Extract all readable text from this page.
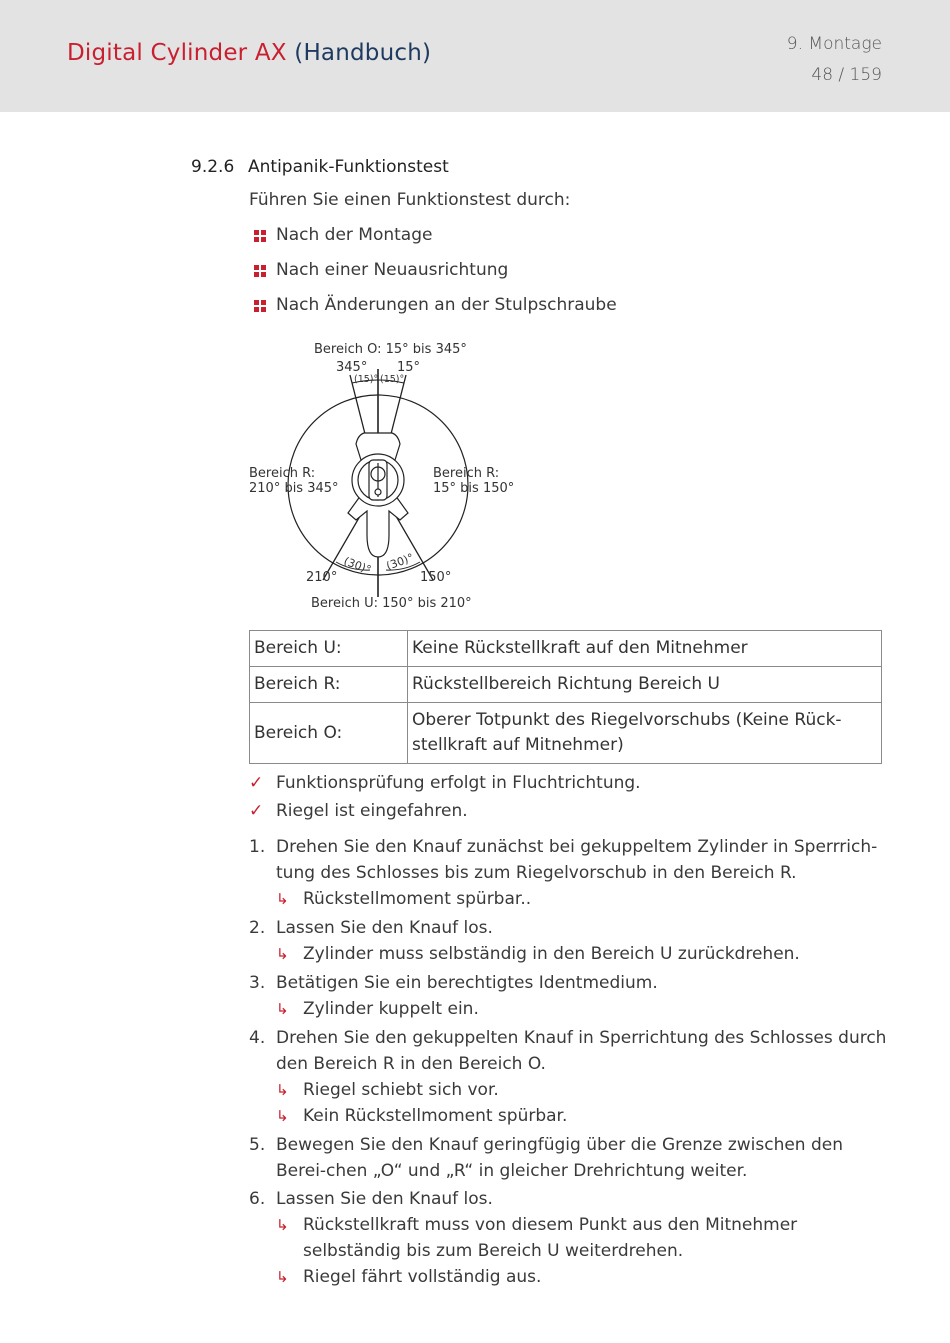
Digital Cylinder AX (Handbuch)	9. Montage
48 / 159
9.2.6 Antipanik-Funktionstest
Führen Sie einen Funktionstest durch:
Nach der Montage
Nach einer Neuausrichtung
Nach Änderungen an der Stulpschraube
Bereich O: 15° bis 345°
345° 15°
(15)° (15)°
Bereich R:
210° bis 345°
Bereich R:
15° bis 150°
(30)° (30)°
210°	150°
Bereich U: 150° bis 210°
Bereich U:	Keine Rückstellkraft auf den Mitnehmer
Bereich R:	Rückstellbereich Richtung Bereich U
Bereich O:	Oberer Totpunkt des Riegelvorschubs (Keine Rück-stellkraft auf Mitnehmer)
✓ Funktionsprüfung erfolgt in Fluchtrichtung.
✓ Riegel ist eingefahren.
1. Drehen Sie den Knauf zunächst bei gekuppeltem Zylinder in Sperrrich-tung des Schlosses bis zum Riegelvorschub in den Bereich R.
↳ Rückstellmoment spürbar..
2. Lassen Sie den Knauf los.
↳ Zylinder muss selbständig in den Bereich U zurückdrehen.
3. Betätigen Sie ein berechtigtes Identmedium.
↳ Zylinder kuppelt ein.
4. Drehen Sie den gekuppelten Knauf in Sperrichtung des Schlosses durch den Bereich R in den Bereich O.
↳ Riegel schiebt sich vor.
↳ Kein Rückstellmoment spürbar.
5. Bewegen Sie den Knauf geringfügig über die Grenze zwischen den Berei-chen „O“ und „R“ in gleicher Drehrichtung weiter.
6. Lassen Sie den Knauf los.
↳ Rückstellkraft muss von diesem Punkt aus den Mitnehmer selbständig bis zum Bereich U weiterdrehen.
↳ Riegel fährt vollständig aus.
